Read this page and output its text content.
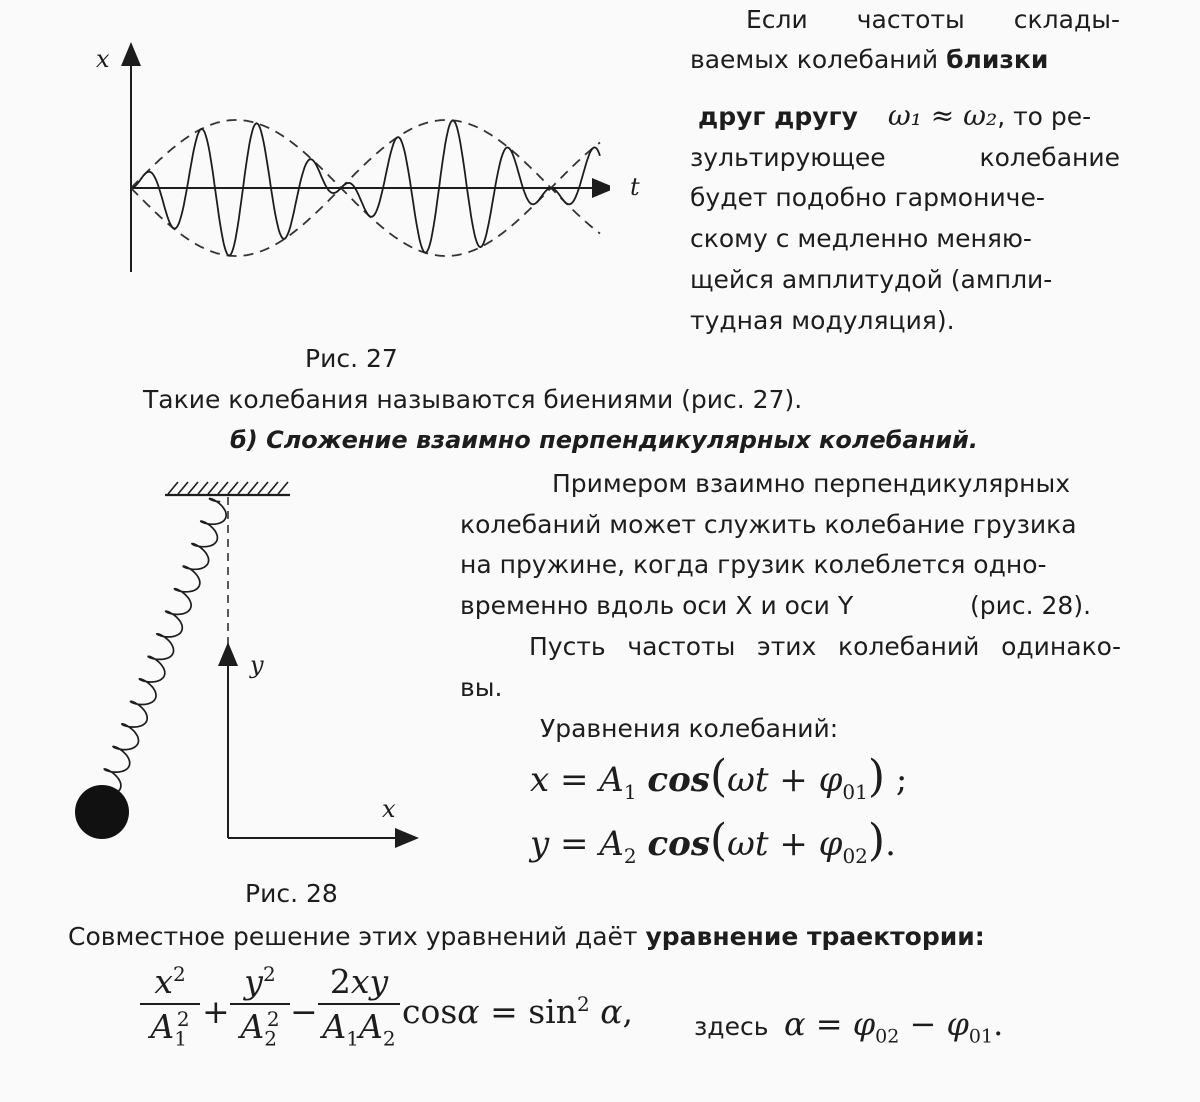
x
t
Рис. 27
Если частоты склады-
ваемых колебаний близки
друг другу ω₁ ≈ ω₂, то ре-
зультирующее колебание
будет подобно гармониче-
скому с медленно меняю-
щейся амплитудой (ампли-
тудная модуляция).
Такие колебания называются биениями (рис. 27).
б) Сложение взаимно перпендикулярных колебаний.
y
x
Рис. 28
Примером взаимно перпендикулярных
колебаний может служить колебание грузика
на пружине, когда грузик колеблется одно-
временно вдоль оси X и оси Y	(рис. 28).
Пусть частоты этих колебаний одинако-
вы.
Уравнения колебаний:
$x = A_1$ $\cos(\omega t + \varphi_{01})$ ;
$y = A_2$ $\cos(\omega t + \varphi_{02})$.
Совместное решение этих уравнений даёт уравнение траектории:
$x^2$
$A_1^2$ +
$y^2$
$A_2^2$ −
2xy
$A_1A_2$
$\cos\alpha = \sin^2 \alpha$, здесь $\alpha = \varphi_{02} - \varphi_{01}$.
